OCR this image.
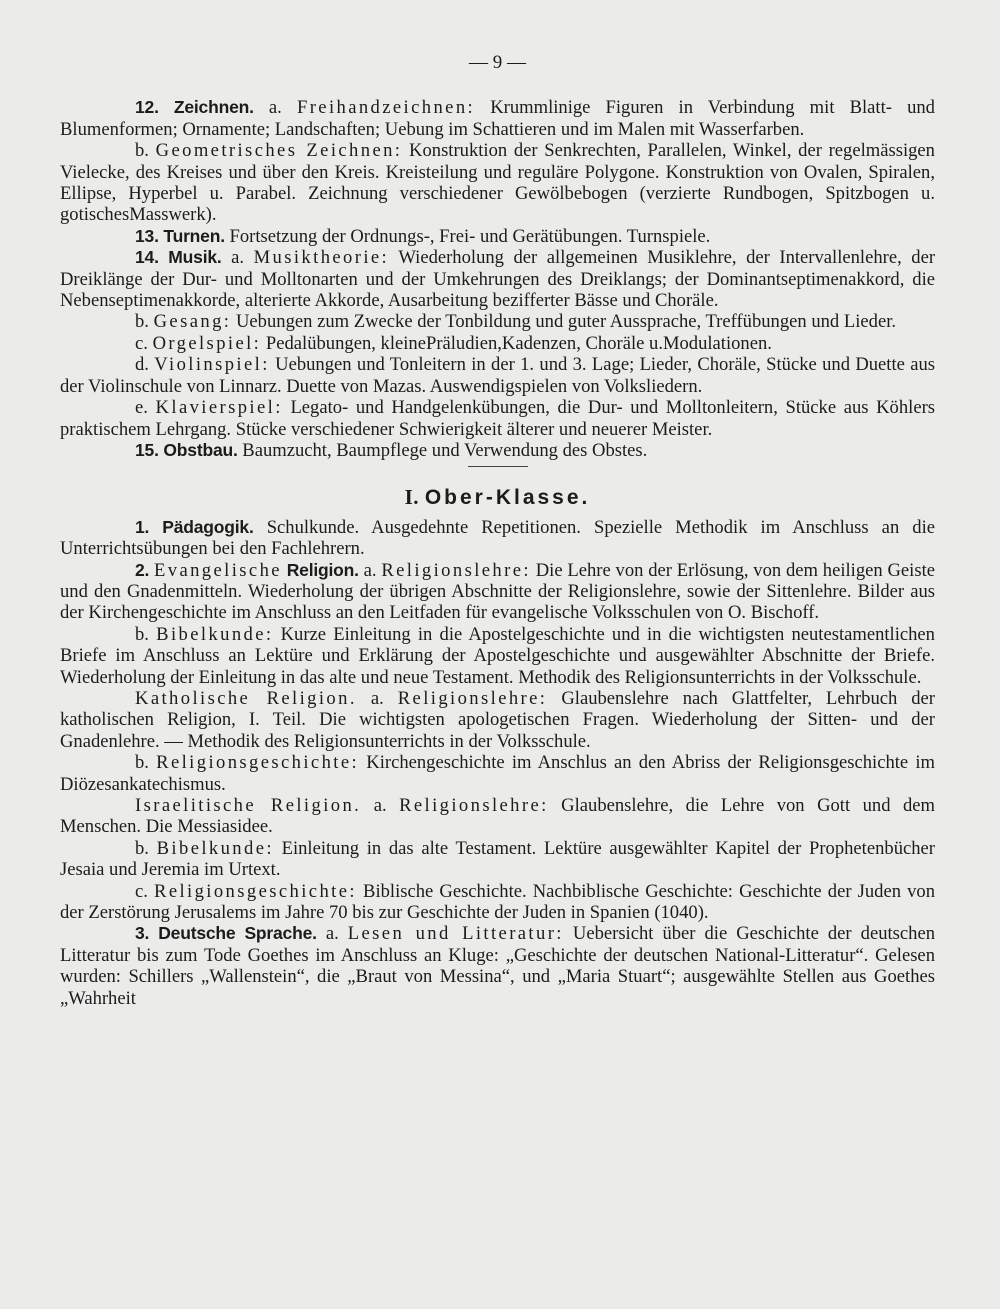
— 9 —

12. Zeichnen. a. Freihandzeichnen: Krummlinige Figuren in Verbindung mit Blatt- und Blumenformen; Ornamente; Landschaften; Uebung im Schattieren und im Malen mit Wasserfarben.

b. Geometrisches Zeichnen: Konstruktion der Senkrechten, Parallelen, Winkel, der regelmässigen Vielecke, des Kreises und über den Kreis. Kreisteilung und reguläre Polygone. Konstruktion von Ovalen, Spiralen, Ellipse, Hyperbel u. Parabel. Zeichnung verschiedener Gewölbebogen (verzierte Rundbogen, Spitzbogen u. gotischesMasswerk).

13. Turnen. Fortsetzung der Ordnungs-, Frei- und Gerätübungen. Turnspiele.

14. Musik. a. Musiktheorie: Wiederholung der allgemeinen Musiklehre, der Intervallenlehre, der Dreiklänge der Dur- und Molltonarten und der Umkehrungen des Dreiklangs; der Dominantseptimenakkord, die Nebenseptimenakkorde, alterierte Akkorde, Ausarbeitung bezifferter Bässe und Choräle.

b. Gesang: Uebungen zum Zwecke der Tonbildung und guter Aussprache, Treffübungen und Lieder.

c. Orgelspiel: Pedalübungen, kleinePräludien,Kadenzen, Choräle u.Modulationen.

d. Violinspiel: Uebungen und Tonleitern in der 1. und 3. Lage; Lieder, Choräle, Stücke und Duette aus der Violinschule von Linnarz. Duette von Mazas. Auswendigspielen von Volksliedern.

e. Klavierspiel: Legato- und Handgelenkübungen, die Dur- und Molltonleitern, Stücke aus Köhlers praktischem Lehrgang. Stücke verschiedener Schwierigkeit älterer und neuerer Meister.

15. Obstbau. Baumzucht, Baumpflege und Verwendung des Obstes.

I. Ober-Klasse.

1. Pädagogik. Schulkunde. Ausgedehnte Repetitionen. Spezielle Methodik im Anschluss an die Unterrichtsübungen bei den Fachlehrern.

2. Evangelische Religion. a. Religionslehre: Die Lehre von der Erlösung, von dem heiligen Geiste und den Gnadenmitteln. Wiederholung der übrigen Abschnitte der Religionslehre, sowie der Sittenlehre. Bilder aus der Kirchengeschichte im Anschluss an den Leitfaden für evangelische Volksschulen von O. Bischoff.

b. Bibelkunde: Kurze Einleitung in die Apostelgeschichte und in die wichtigsten neutestamentlichen Briefe im Anschluss an Lektüre und Erklärung der Apostelgeschichte und ausgewählter Abschnitte der Briefe. Wiederholung der Einleitung in das alte und neue Testament. Methodik des Religionsunterrichts in der Volksschule.

Katholische Religion. a. Religionslehre: Glaubenslehre nach Glattfelter, Lehrbuch der katholischen Religion, I. Teil. Die wichtigsten apologetischen Fragen. Wiederholung der Sitten- und der Gnadenlehre. — Methodik des Religionsunterrichts in der Volksschule.

b. Religionsgeschichte: Kirchengeschichte im Anschlus an den Abriss der Religionsgeschichte im Diözesankatechismus.

Israelitische Religion. a. Religionslehre: Glaubenslehre, die Lehre von Gott und dem Menschen. Die Messiasidee.

b. Bibelkunde: Einleitung in das alte Testament. Lektüre ausgewählter Kapitel der Prophetenbücher Jesaia und Jeremia im Urtext.

c. Religionsgeschichte: Biblische Geschichte. Nachbiblische Geschichte: Geschichte der Juden von der Zerstörung Jerusalems im Jahre 70 bis zur Geschichte der Juden in Spanien (1040).

3. Deutsche Sprache. a. Lesen und Litteratur: Uebersicht über die Geschichte der deutschen Litteratur bis zum Tode Goethes im Anschluss an Kluge: „Geschichte der deutschen National-Litteratur“. Gelesen wurden: Schillers „Wallenstein“, die „Braut von Messina“, und „Maria Stuart“; ausgewählte Stellen aus Goethes „Wahrheit
